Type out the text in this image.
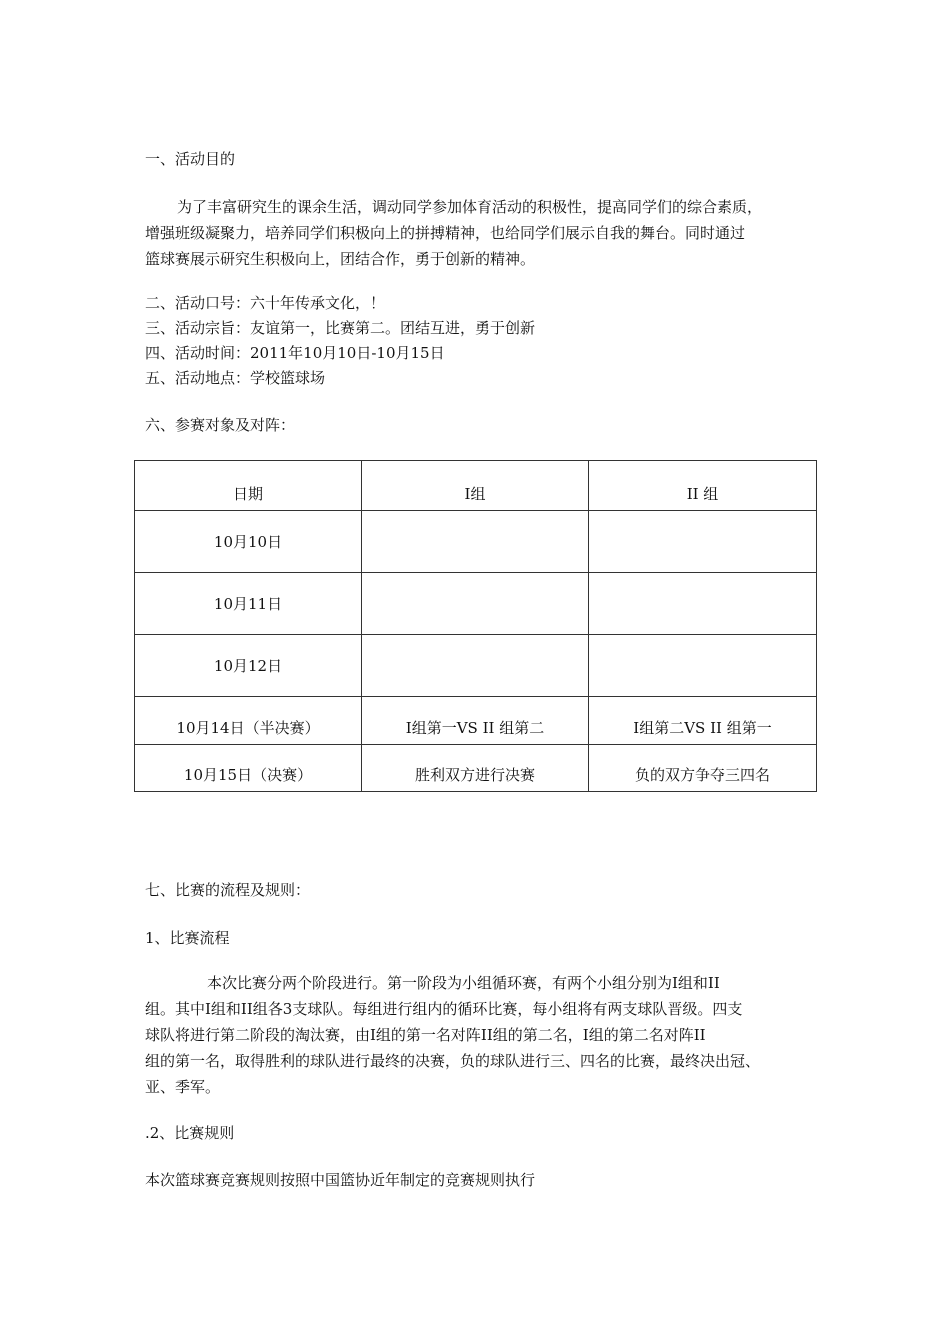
一、活动目的

为了丰富研究生的课余生活，调动同学参加体育活动的积极性，提高同学们的综合素质，
增强班级凝聚力，培养同学们积极向上的拼搏精神，也给同学们展示自我的舞台。同时通过
篮球赛展示研究生积极向上，团结合作，勇于创新的精神。

二、活动口号：六十年传承文化，！

三、活动宗旨：友谊第一，比赛第二。团结互进，勇于创新

四、活动时间：2011年10月10日-10月15日

五、活动地点：学校篮球场

六、参赛对象及对阵：

日期	I组	II 组
10月10日		
10月11日		
10月12日		
10月14日（半决赛）	I组第一VS II 组第二	I组第二VS II 组第一
10月15日（决赛）	胜利双方进行决赛	负的双方争夺三四名

七、比赛的流程及规则：

1、比赛流程

本次比赛分两个阶段进行。第一阶段为小组循环赛，有两个小组分别为I组和II
组。其中I组和II组各3支球队。每组进行组内的循环比赛，每小组将有两支球队晋级。四支
球队将进行第二阶段的淘汰赛，由I组的第一名对阵II组的第二名，I组的第二名对阵II
组的第一名，取得胜利的球队进行最终的决赛，负的球队进行三、四名的比赛，最终决出冠、
亚、季军。

.2、比赛规则

本次篮球赛竞赛规则按照中国篮协近年制定的竞赛规则执行
